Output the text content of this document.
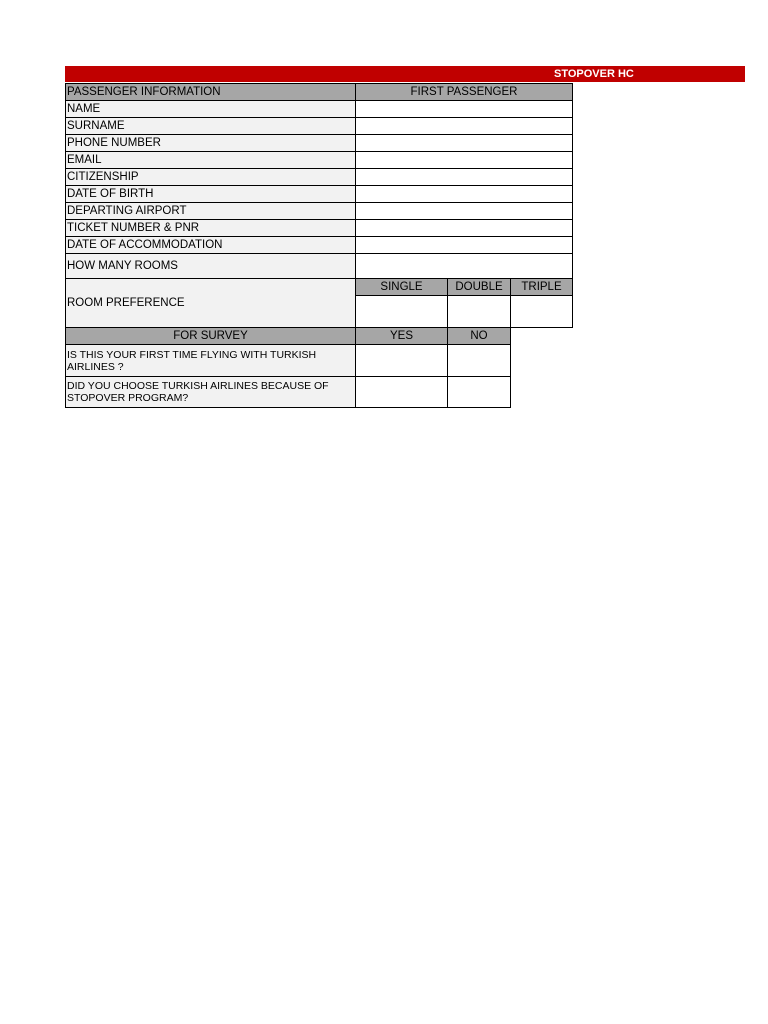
STOPOVER HC
PASSENGER INFORMATION	FIRST PASSENGER		
NAME			
SURNAME			
PHONE NUMBER			
EMAIL			
CITIZENSHIP			
DATE OF BIRTH			
DEPARTING AIRPORT			
TICKET NUMBER & PNR			
DATE OF ACCOMMODATION			
HOW MANY ROOMS			
ROOM PREFERENCE	SINGLE	DOUBLE	TRIPLE

FOR SURVEY	YES	NO	
IS THIS YOUR FIRST TIME FLYING WITH TURKISH AIRLINES ?			
DID YOU CHOOSE TURKISH AIRLINES BECAUSE OF STOPOVER PROGRAM?			
